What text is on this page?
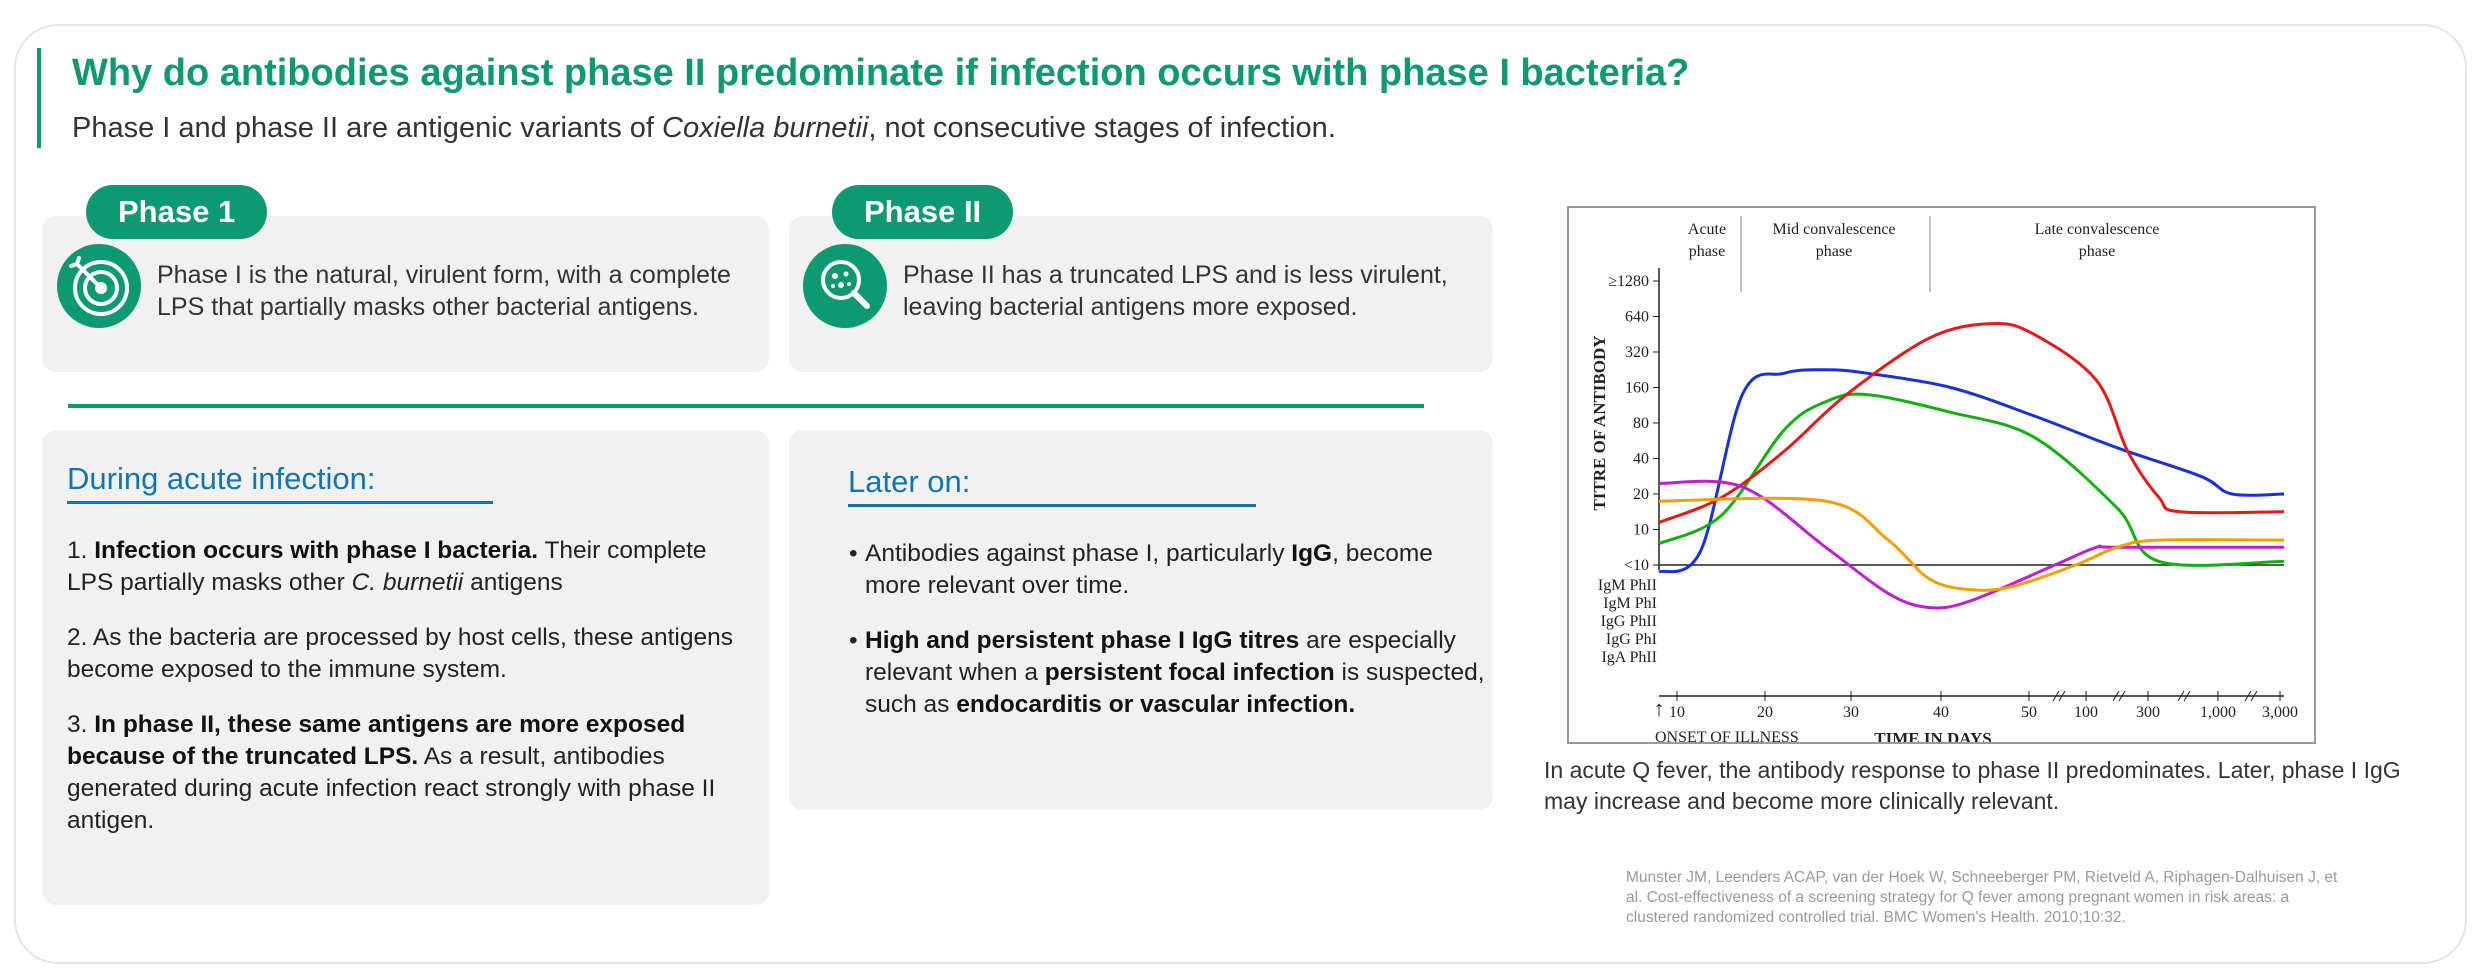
Why do antibodies against phase II predominate if infection occurs with phase I bacteria?
Phase I and phase II are antigenic variants of Coxiella burnetii, not consecutive stages of infection.
Phase 1
Phase I is the natural, virulent form, with a complete LPS that partially masks other bacterial antigens.
Phase II
Phase II has a truncated LPS and is less virulent, leaving bacterial antigens more exposed.
During acute infection:
1. Infection occurs with phase I bacteria. Their complete LPS partially masks other C. burnetii antigens
2. As the bacteria are processed by host cells, these antigens become exposed to the immune system.
3. In phase II, these same antigens are more exposed because of the truncated LPS. As a result, antibodies generated during acute infection react strongly with phase II antigen.
Later on:
• Antibodies against phase I, particularly IgG, become more relevant over time.
• High and persistent phase I IgG titres are especially relevant when a persistent focal infection is suspected, such as endocarditis or vascular infection.
Acute
phase
Mid convalescence
phase
Late convalescence
phase
≥1280
640
320
160
80
40
20
10
<10
TITRE OF ANTIBODY
IgM PhII
IgM PhI
IgG PhII
IgG PhI
IgA PhII
10	20	30	40	50 100 300	1,000 3,000
↑
ONSET OF ILLNESS	TIME IN DAYS
In acute Q fever, the antibody response to phase II predominates. Later, phase I IgG may increase and become more clinically relevant.
Munster JM, Leenders ACAP, van der Hoek W, Schneeberger PM, Rietveld A, Riphagen-Dalhuisen J, et al. Cost-effectiveness of a screening strategy for Q fever among pregnant women in risk areas: a clustered randomized controlled trial. BMC Women's Health. 2010;10:32.
